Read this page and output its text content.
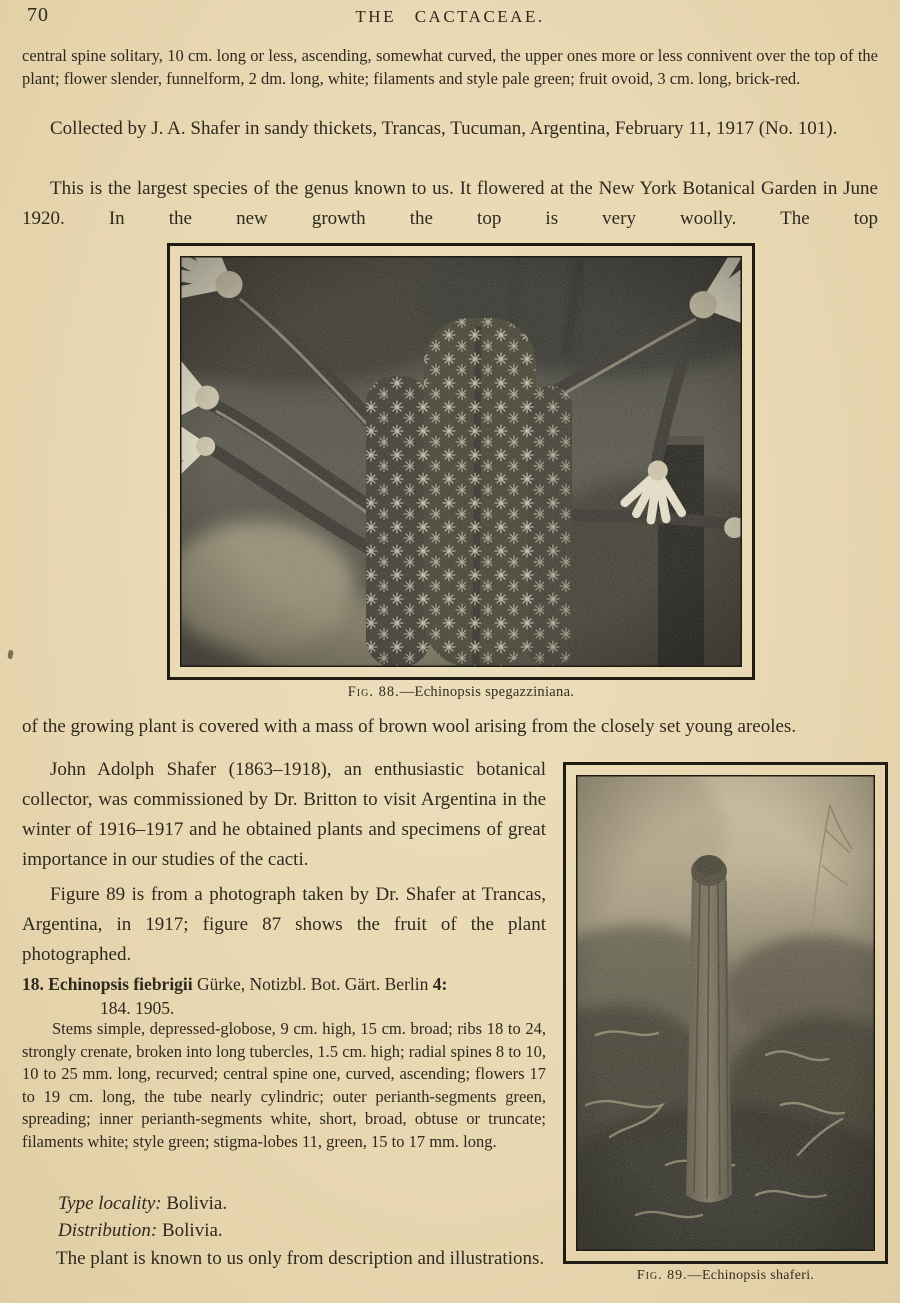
70	THE CACTACEAE.

central spine solitary, 10 cm. long or less, ascending, somewhat curved, the upper ones more or less connivent over the top of the plant; flower slender, funnelform, 2 dm. long, white; filaments and style pale green; fruit ovoid, 3 cm. long, brick-red.

Collected by J. A. Shafer in sandy thickets, Trancas, Tucuman, Argentina, February 11, 1917 (No. 101).

This is the largest species of the genus known to us. It flowered at the New York Botanical Garden in June 1920. In the new growth the top is very woolly. The top

Fig. 88.—Echinopsis spegazziniana.

of the growing plant is covered with a mass of brown wool arising from the closely set young areoles.

John Adolph Shafer (1863–1918), an enthusiastic botanical collector, was commissioned by Dr. Britton to visit Argentina in the winter of 1916–1917 and he obtained plants and specimens of great importance in our studies of the cacti.

Figure 89 is from a photograph taken by Dr. Shafer at Trancas, Argentina, in 1917; figure 87 shows the fruit of the plant photographed.

18. Echinopsis fiebrigii Gürke, Notizbl. Bot. Gärt. Berlin 4:
184. 1905.

Stems simple, depressed-globose, 9 cm. high, 15 cm. broad; ribs 18 to 24, strongly crenate, broken into long tubercles, 1.5 cm. high; radial spines 8 to 10, 10 to 25 mm. long, recurved; central spine one, curved, ascending; flowers 17 to 19 cm. long, the tube nearly cylindric; outer perianth-segments green, spreading; inner perianth-segments white, short, broad, obtuse or truncate; filaments white; style green; stigma-lobes 11, green, 15 to 17 mm. long.

Type locality: Bolivia.
Distribution: Bolivia.

The plant is known to us only from description and illustrations.

Fig. 89.—Echinopsis shaferi.
